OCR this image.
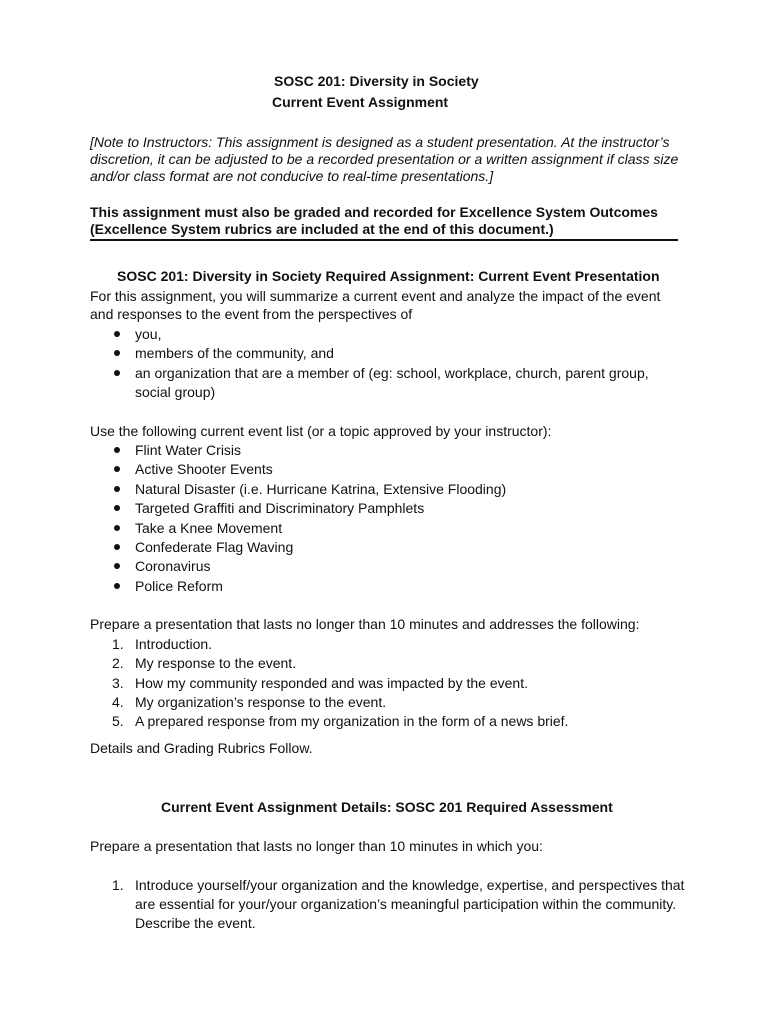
SOSC 201: Diversity in Society
Current Event Assignment
[Note to Instructors: This assignment is designed as a student presentation. At the instructor’s
discretion, it can be adjusted to be a recorded presentation or a written assignment if class size
and/or class format are not conducive to real-time presentations.]
This assignment must also be graded and recorded for Excellence System Outcomes
(Excellence System rubrics are included at the end of this document.)
SOSC 201: Diversity in Society Required Assignment: Current Event Presentation
For this assignment, you will summarize a current event and analyze the impact of the event
and responses to the event from the perspectives of
you,
members of the community, and
an organization that are a member of (eg: school, workplace, church, parent group,
social group)
Use the following current event list (or a topic approved by your instructor):
Flint Water Crisis
Active Shooter Events
Natural Disaster (i.e. Hurricane Katrina, Extensive Flooding)
Targeted Graffiti and Discriminatory Pamphlets
Take a Knee Movement
Confederate Flag Waving
Coronavirus
Police Reform
Prepare a presentation that lasts no longer than 10 minutes and addresses the following:
1. Introduction.
2. My response to the event.
3. How my community responded and was impacted by the event.
4. My organization’s response to the event.
5. A prepared response from my organization in the form of a news brief.
Details and Grading Rubrics Follow.
Current Event Assignment Details: SOSC 201 Required Assessment
Prepare a presentation that lasts no longer than 10 minutes in which you:
1. Introduce yourself/your organization and the knowledge, expertise, and perspectives that
are essential for your/your organization’s meaningful participation within the community.
Describe the event.
